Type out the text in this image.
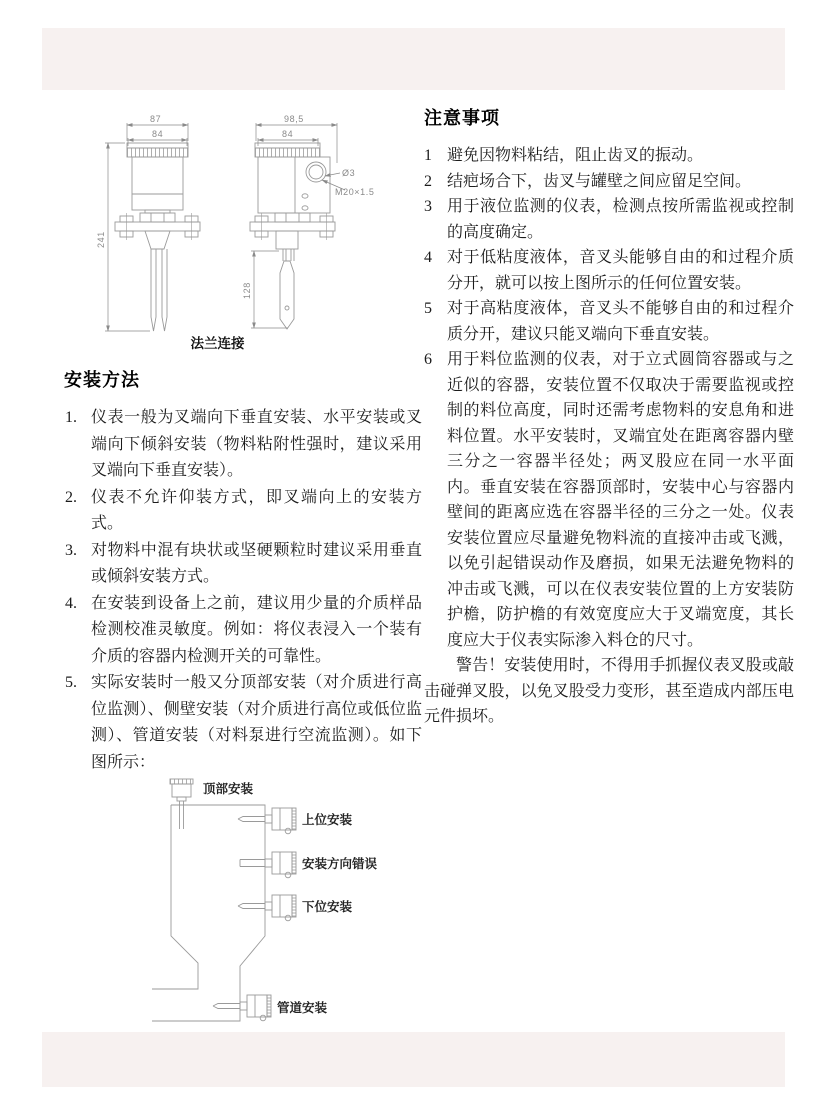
87
84
241
98,5
84
128
Ø3
M20×1.5
法兰连接
安装方法
1. 仪表一般为叉端向下垂直安装、水平安装或叉端向下倾斜安装（物料粘附性强时，建议采用叉端向下垂直安装）。
2. 仪表不允许仰装方式，即叉端向上的安装方式。
3. 对物料中混有块状或坚硬颗粒时建议采用垂直或倾斜安装方式。
4. 在安装到设备上之前，建议用少量的介质样品检测校准灵敏度。例如：将仪表浸入一个装有介质的容器内检测开关的可靠性。
5. 实际安装时一般又分顶部安装（对介质进行高位监测）、侧壁安装（对介质进行高位或低位监测）、管道安装（对料泵进行空流监测）。如下图所示：
顶部安装
上位安装
安装方向错误
下位安装
管道安装
注意事项
1 避免因物料粘结，阻止齿叉的振动。
2 结疤场合下，齿叉与罐壁之间应留足空间。
3 用于液位监测的仪表，检测点按所需监视或控制的高度确定。
4 对于低粘度液体，音叉头能够自由的和过程介质分开，就可以按上图所示的任何位置安装。
5 对于高粘度液体，音叉头不能够自由的和过程介质分开，建议只能叉端向下垂直安装。
6 用于料位监测的仪表，对于立式圆筒容器或与之近似的容器，安装位置不仅取决于需要监视或控制的料位高度，同时还需考虑物料的安息角和进料位置。水平安装时，叉端宜处在距离容器内壁三分之一容器半径处；两叉股应在同一水平面内。垂直安装在容器顶部时，安装中心与容器内壁间的距离应选在容器半径的三分之一处。仪表安装位置应尽量避免物料流的直接冲击或飞溅，以免引起错误动作及磨损，如果无法避免物料的冲击或飞溅，可以在仪表安装位置的上方安装防护檐，防护檐的有效宽度应大于叉端宽度，其长度应大于仪表实际渗入料仓的尺寸。

警告！安装使用时，不得用手抓握仪表叉股或敲击碰弹叉股，以免叉股受力变形，甚至造成内部压电元件损坏。
